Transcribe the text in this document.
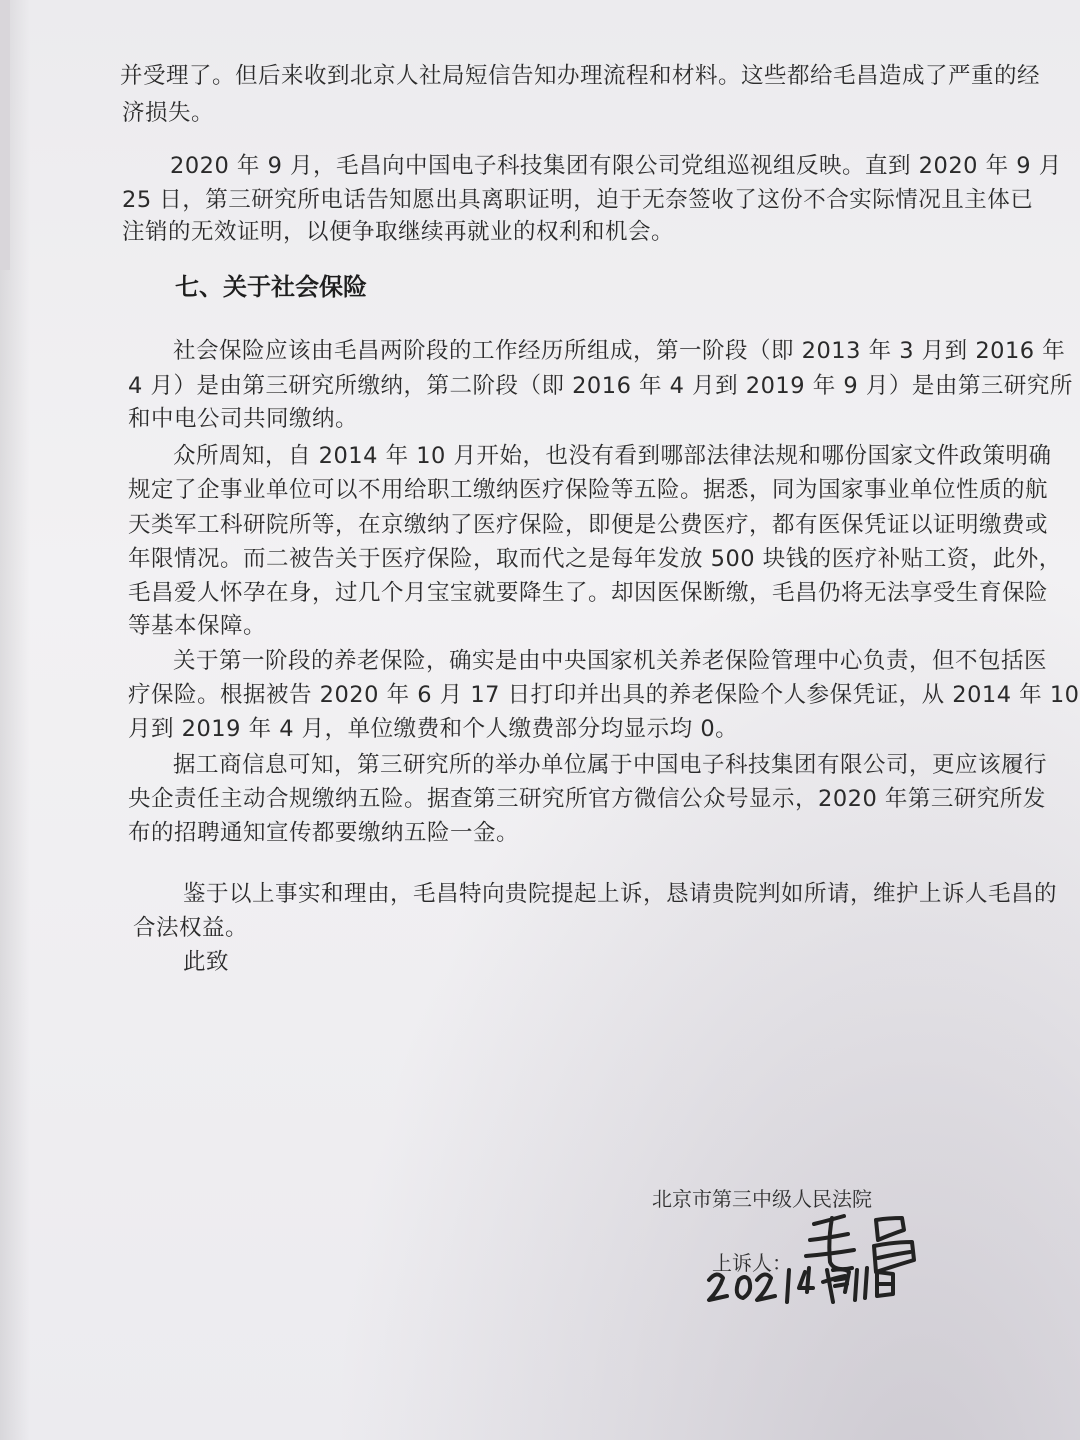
并受理了。但后来收到北京人社局短信告知办理流程和材料。这些都给毛昌造成了严重的经
济损失。
2020 年 9 月，毛昌向中国电子科技集团有限公司党组巡视组反映。直到 2020 年 9 月
25 日，第三研究所电话告知愿出具离职证明，迫于无奈签收了这份不合实际情况且主体已
注销的无效证明，以便争取继续再就业的权利和机会。
七、关于社会保险
社会保险应该由毛昌两阶段的工作经历所组成，第一阶段（即 2013 年 3 月到 2016 年
4 月）是由第三研究所缴纳，第二阶段（即 2016 年 4 月到 2019 年 9 月）是由第三研究所
和中电公司共同缴纳。
众所周知，自 2014 年 10 月开始，也没有看到哪部法律法规和哪份国家文件政策明确
规定了企事业单位可以不用给职工缴纳医疗保险等五险。据悉，同为国家事业单位性质的航
天类军工科研院所等，在京缴纳了医疗保险，即便是公费医疗，都有医保凭证以证明缴费或
年限情况。而二被告关于医疗保险，取而代之是每年发放 500 块钱的医疗补贴工资，此外，
毛昌爱人怀孕在身，过几个月宝宝就要降生了。却因医保断缴，毛昌仍将无法享受生育保险
等基本保障。
关于第一阶段的养老保险，确实是由中央国家机关养老保险管理中心负责，但不包括医
疗保险。根据被告 2020 年 6 月 17 日打印并出具的养老保险个人参保凭证，从 2014 年 10
月到 2019 年 4 月，单位缴费和个人缴费部分均显示均 0。
据工商信息可知，第三研究所的举办单位属于中国电子科技集团有限公司，更应该履行
央企责任主动合规缴纳五险。据查第三研究所官方微信公众号显示，2020 年第三研究所发
布的招聘通知宣传都要缴纳五险一金。
鉴于以上事实和理由，毛昌特向贵院提起上诉，恳请贵院判如所请，维护上诉人毛昌的
合法权益。
此致
北京市第三中级人民法院
上诉人：
